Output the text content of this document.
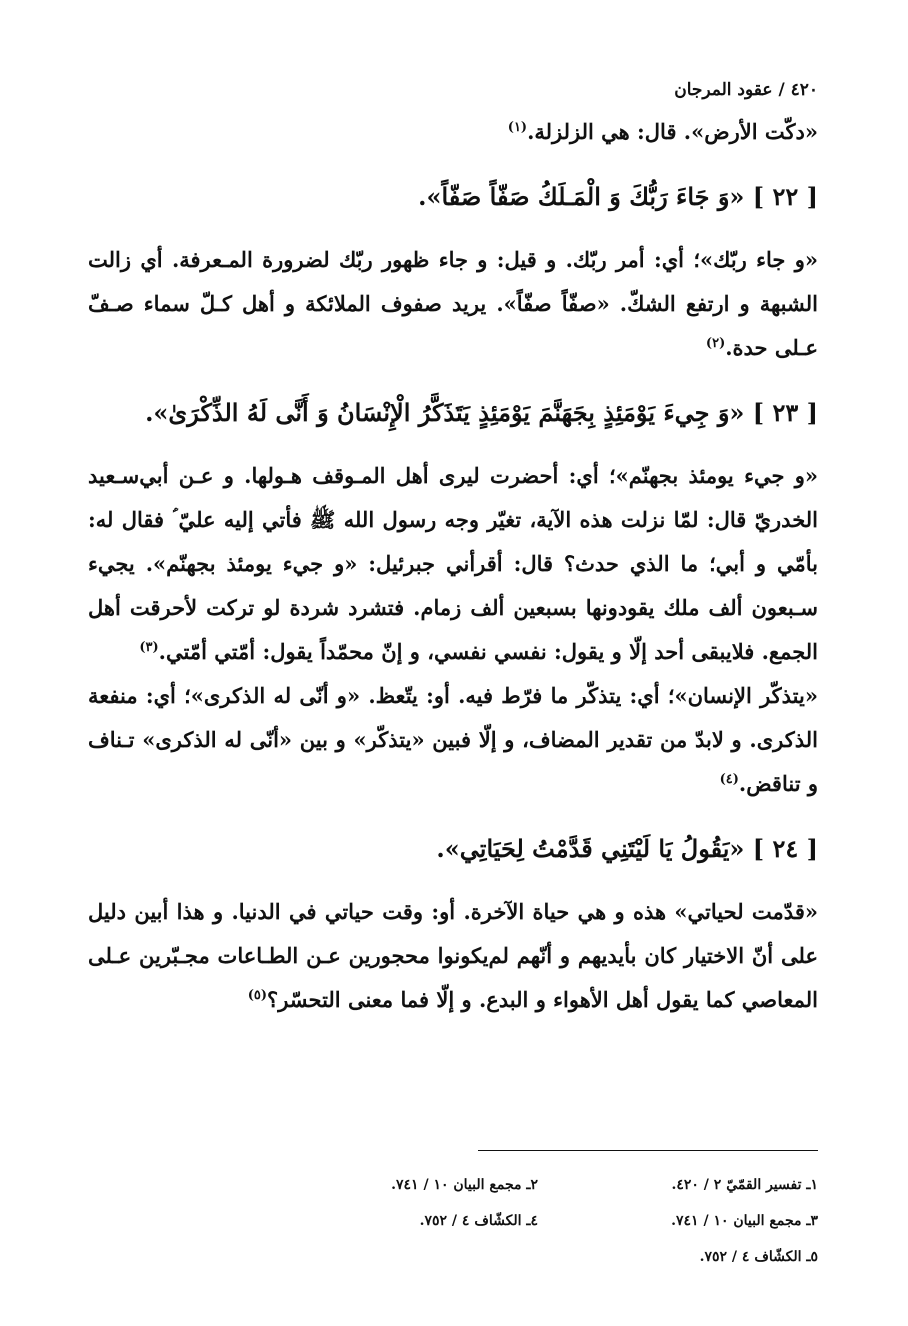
٤٢٠ / عقود المرجان

«دكّت الأرض». قال: هي الزلزلة.$^{(١)}$

[ ٢٢ ] «وَ جَاءَ رَبُّكَ وَ الْمَـلَكُ صَفّاً صَفّاً».

«و جاء ربّك»؛ أي: أمر ربّك. و قيل: و جاء ظهور ربّك لضرورة المـعرفة. أي زالت الشبهة و ارتفع الشكّ. «صفّاً صفّاً». يريد صفوف الملائكة و أهل كـلّ سماء صـفّ عـلى حدة.$^{(٢)}$

[ ٢٣ ] «وَ جِيءَ يَوْمَئِذٍ بِجَهَنَّمَ يَوْمَئِذٍ يَتَذَكَّرُ الْإِنْسَانُ وَ أَنَّى لَهُ الذِّكْرَىٰ».

«و جيء يومئذ بجهنّم»؛ أي: أحضرت ليرى أهل المـوقف هـولها. و عـن أبي‌سـعيد الخدريّ قال: لمّا نزلت هذه الآية، تغيّر وجه رسول الله ﷺ فأتي إليه عليّ ؑ فقال له: بأمّي و أبي؛ ما الذي حدث؟ قال: أقرأني جبرئيل: «و جيء يومئذ بجهنّم». يجيء سـبعون ألف ملك يقودونها بسبعين ألف زمام. فتشرد شردة لو تركت لأحرقت أهل الجمع. فلايبقى أحد إلّا و يقول: نفسي نفسي، و إنّ محمّداً يقول: أمّتي أمّتي.$^{(٣)}$

«يتذكّر الإنسان»؛ أي: يتذكّر ما فرّط فيه. أو: يتّعظ. «و أنّى له الذكرى»؛ أي: منفعة الذكرى. و لابدّ من تقدير المضاف، و إلّا فبين «يتذكّر» و بين «أنّى له الذكرى» تـناف و تناقض.$^{(٤)}$

[ ٢٤ ] «يَقُولُ يَا لَيْتَنِي قَدَّمْتُ لِحَيَاتِي».

«قدّمت لحياتي» هذه و هي حياة الآخرة. أو: وقت حياتي في الدنيا. و هذا أبين دليل على أنّ الاختيار كان بأيديهم و أنّهم لم‌يكونوا محجورين عـن الطـاعات مجـبّرين عـلى المعاصي كما يقول أهل الأهواء و البدع. و إلّا فما معنى التحسّر؟$^{(٥)}$

١ـ تفسير القمّيّ ٢ / ٤٢٠.
٢ـ مجمع البيان ١٠ / ٧٤١.
٣ـ مجمع البيان ١٠ / ٧٤١.
٤ـ الكشّاف ٤ / ٧٥٢.
٥ـ الكشّاف ٤ / ٧٥٢.
